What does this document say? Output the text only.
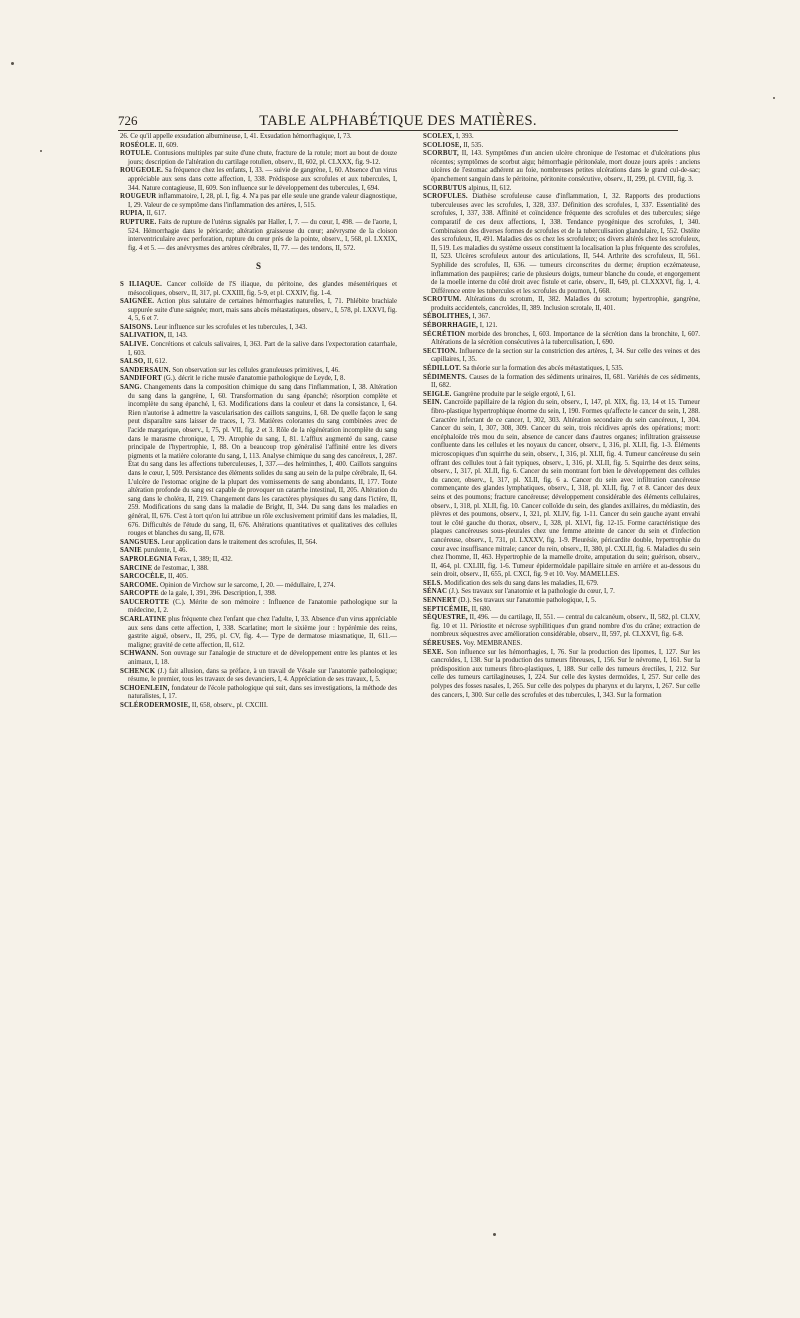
726	TABLE ALPHABÉTIQUE DES MATIÈRES.

26. Ce qu'il appelle exsudation albumineuse, I, 41. Exsudation hémorrhagique, I, 73.

ROSÉOLE. II, 609.

ROTULE. Contusions multiples par suite d'une chute, fracture de la rotule; mort au bout de douze jours; description de l'altération du cartilage rotulien, observ., II, 602, pl. CLXXX, fig. 9-12.

ROUGEOLE. Sa fréquence chez les enfants, I, 33. — suivie de gangrène, I, 60. Absence d'un virus appréciable aux sens dans cette affection, I, 338. Prédispose aux scrofules et aux tubercules, I, 344. Nature contagieuse, II, 609. Son influence sur le développement des tubercules, I, 694.

ROUGEUR inflammatoire, I, 28, pl. I, fig. 4. N'a pas par elle seule une grande valeur diagnostique, I, 29. Valeur de ce symptôme dans l'inflammation des artères, I, 515.

RUPIA, II, 617.

RUPTURE. Faits de rupture de l'utérus signalés par Haller, I, 7. — du cœur, I, 498. — de l'aorte, I, 524. Hémorrhagie dans le péricarde; altération graisseuse du cœur; anévrysme de la cloison interventriculaire avec perforation, rupture du cœur près de la pointe, observ., I, 568, pl. LXXIX, fig. 4 et 5. — des anévrysmes des artères cérébrales, II, 77. — des tendons, II, 572.

S

S ILIAQUE. Cancer colloïde de l'S iliaque, du péritoine, des glandes mésentériques et mésocoliques, observ., II, 317, pl. CXXIII, fig. 5-9, et pl. CXXIV, fig. 1-4.

SAIGNÉE. Action plus salutaire de certaines hémorrhagies naturelles, I, 71. Phlébite brachiale suppurée suite d'une saignée; mort, mais sans abcès métastatiques, observ., I, 578, pl. LXXVI, fig. 4, 5, 6 et 7.

SAISONS. Leur influence sur les scrofules et les tubercules, I, 343.

SALIVATION, II, 143.

SALIVE. Concrétions et calculs salivaires, I, 363. Part de la salive dans l'expectoration catarrhale, I, 603.

SALSO, II, 612.

SANDERSAUN. Son observation sur les cellules granuleuses primitives, I, 46.

SANDIFORT (G.). décrit le riche musée d'anatomie pathologique de Leyde, I, 8.

SANG. Changements dans la composition chimique du sang dans l'inflammation, I, 38. Altération du sang dans la gangrène, I, 60. Transformation du sang épanché; résorption complète et incomplète du sang épanché, I, 63. Modifications dans la couleur et dans la consistance, I, 64. Rien n'autorise à admettre la vascularisation des caillots sanguins, I, 68. De quelle façon le sang peut disparaître sans laisser de traces, I, 73. Matières colorantes du sang combinées avec de l'acide margarique, observ., I, 75, pl. VII, fig. 2 et 3. Rôle de la régénération incomplète du sang dans le marasme chronique, I, 79. Atrophie du sang, I, 81. L'afflux augmenté du sang, cause principale de l'hypertrophie, I, 88. On a beaucoup trop généralisé l'affinité entre les divers pigments et la matière colorante du sang, I, 113. Analyse chimique du sang des cancéreux, I, 287. État du sang dans les affections tuberculeuses, I, 337.—des helminthes, I, 400. Caillots sanguins dans le cœur, I, 509. Persistance des éléments solides du sang au sein de la pulpe cérébrale, II, 64. L'ulcère de l'estomac origine de la plupart des vomissements de sang abondants, II, 177. Toute altération profonde du sang est capable de provoquer un catarrhe intestinal, II, 205. Altération du sang dans le choléra, II, 219. Changement dans les caractères physiques du sang dans l'ictère, II, 259. Modifications du sang dans la maladie de Bright, II, 344. Du sang dans les maladies en général, II, 676. C'est à tort qu'on lui attribue un rôle exclusivement primitif dans les maladies, II, 676. Difficultés de l'étude du sang, II, 676. Altérations quantitatives et qualitatives des cellules rouges et blanches du sang, II, 678.

SANGSUES. Leur application dans le traitement des scrofules, II, 564.

SANIE purulente, I, 46.

SAPROLEGNIA Ferax, I, 389; II, 432.

SARCINE de l'estomac, I, 388.

SARCOCÈLE, II, 405.

SARCOME. Opinion de Virchow sur le sarcome, I, 20. — médullaire, I, 274.

SARCOPTE de la gale, I, 391, 396. Description, I, 398.

SAUCEROTTE (C.). Mérite de son mémoire : Influence de l'anatomie pathologique sur la médecine, I, 2.

SCARLATINE plus fréquente chez l'enfant que chez l'adulte, I, 33. Absence d'un virus appréciable aux sens dans cette affection, I, 338. Scarlatine; mort le sixième jour : hypérémie des reins, gastrite aiguë, observ., II, 295, pl. CV, fig. 4.— Type de dermatose miasmatique, II, 611.— maligne; gravité de cette affection, II, 612.

SCHWANN. Son ouvrage sur l'analogie de structure et de développement entre les plantes et les animaux, I, 18.

SCHENCK (J.) fait allusion, dans sa préface, à un travail de Vésale sur l'anatomie pathologique; résume, le premier, tous les travaux de ses devanciers, I, 4. Appréciation de ses travaux, I, 5.

SCHOENLEIN, fondateur de l'école pathologique qui suit, dans ses investigations, la méthode des naturalistes, I, 17.

SCLÉRODERMOSIE, II, 658, observ., pl. CXCIII.

SCOLEX, I, 393.

SCOLIOSE, II, 535.

SCORBUT, II, 143. Symptômes d'un ancien ulcère chronique de l'estomac et d'ulcérations plus récentes; symptômes de scorbut aigu; hémorrhagie péritonéale, mort douze jours après : anciens ulcères de l'estomac adhérent au foie, nombreuses petites ulcérations dans le grand cul-de-sac; épanchement sanguin dans le péritoine, péritonite consécutive, observ., II, 299, pl. CVIII, fig. 3.

SCORBUTUS alpinus, II, 612.

SCROFULES. Diathèse scrofuleuse cause d'inflammation, I, 32. Rapports des productions tuberculeuses avec les scrofules, I, 328, 337. Définition des scrofules, I, 337. Essentialité des scrofules, I, 337, 338. Affinité et coïncidence fréquente des scrofules et des tubercules; siége comparatif de ces deux affections, I, 338. Tendance pyogénique des scrofules, I, 340. Combinaison des diverses formes de scrofules et de la tuberculisation glandulaire, I, 552. Ostéite des scrofuleux, II, 491. Maladies des os chez les scrofuleux; os divers altérés chez les scrofuleux, II, 519. Les maladies du système osseux constituent la localisation la plus fréquente des scrofules, II, 523. Ulcères scrofuleux autour des articulations, II, 544. Arthrite des scrofuleux, II, 561. Syphilide des scrofules, II, 636. — tumeurs circonscrites du derme; éruption eczémateuse, inflammation des paupières; carie de plusieurs doigts, tumeur blanche du coude, et engorgement de la moelle interne du côté droit avec fistule et carie, observ., II, 649, pl. CLXXXVI, fig. 1, 4. Différence entre les tubercules et les scrofules du poumon, I, 668.

SCROTUM. Altérations du scrotum, II, 382. Maladies du scrotum; hypertrophie, gangrène, produits accidentels, cancroïdes, II, 389. Inclusion scrotale, II, 401.

SÉBOLITHES, I, 367.

SÉBORRHAGIE, I, 121.

SÉCRÉTION morbide des bronches, I, 603. Importance de la sécrétion dans la bronchite, I, 607. Altérations de la sécrétion consécutives à la tuberculisation, I, 690.

SECTION. Influence de la section sur la constriction des artères, I, 34. Sur celle des veines et des capillaires, I, 35.

SÉDILLOT. Sa théorie sur la formation des abcès métastatiques, I, 535.

SÉDIMENTS. Causes de la formation des sédiments urinaires, II, 681. Variétés de ces sédiments, II, 682.

SEIGLE. Gangrène produite par le seigle ergoté, I, 61.

SEIN. Cancroïde papillaire de la région du sein, observ., I, 147, pl. XIX, fig. 13, 14 et 15. Tumeur fibro-plastique hypertrophique énorme du sein, I, 190. Formes qu'affecte le cancer du sein, I, 288. Caractère infectant de ce cancer, I, 302, 303. Altération secondaire du sein cancéreux, I, 304. Cancer du sein, I, 307, 308, 309. Cancer du sein, trois récidives après des opérations; mort: encéphaloïde très mou du sein, absence de cancer dans d'autres organes; infiltration graisseuse confluente dans les cellules et les noyaux du cancer, observ., I, 316, pl. XLII, fig. 1-3. Éléments microscopiques d'un squirrhe du sein, observ., I, 316, pl. XLII, fig. 4. Tumeur cancéreuse du sein offrant des cellules tout à fait typiques, observ., I, 316, pl. XLII, fig. 5. Squirrhe des deux seins, observ., I, 317, pl. XLII, fig. 6. Cancer du sein montrant fort bien le développement des cellules du cancer, observ., I, 317, pl. XLII, fig. 6 a. Cancer du sein avec infiltration cancéreuse commençante des glandes lymphatiques, observ., I, 318, pl. XLII, fig. 7 et 8. Cancer des deux seins et des poumons; fracture cancéreuse; développement considérable des éléments cellulaires, observ., I, 318, pl. XLII, fig. 10. Cancer colloïde du sein, des glandes axillaires, du médiastin, des plèvres et des poumons, observ., I, 321, pl. XLIV, fig. 1-11. Cancer du sein gauche ayant envahi tout le côté gauche du thorax, observ., I, 328, pl. XLVI, fig. 12-15. Forme caractéristique des plaques cancéreuses sous-pleurales chez une femme atteinte de cancer du sein et d'infection cancéreuse, observ., I, 731, pl. LXXXV, fig. 1-9. Pleurésie, péricardite double, hypertrophie du cœur avec insuffisance mitrale; cancer du rein, observ., II, 380, pl. CXLII, fig. 6. Maladies du sein chez l'homme, II, 463. Hypertrophie de la mamelle droite, amputation du sein; guérison, observ., II, 464, pl. CXLIII, fig. 1-6. Tumeur épidermoïdale papillaire située en arrière et au-dessous du sein droit, observ., II, 655, pl. CXCI, fig. 9 et 10. Voy. MAMELLES.

SELS. Modification des sels du sang dans les maladies, II, 679.

SÉNAC (J.). Ses travaux sur l'anatomie et la pathologie du cœur, I, 7.

SENNERT (D.). Ses travaux sur l'anatomie pathologique, I, 5.

SEPTICÉMIE, II, 680.

SÉQUESTRE, II, 496. — du cartilage, II, 551. — central du calcanéum, observ., II, 582, pl. CLXV, fig. 10 et 11. Périostite et nécrose syphilitiques d'un grand nombre d'os du crâne; extraction de nombreux séquestres avec amélioration considérable, observ., II, 597, pl. CLXXVI, fig. 6-8.

SÉREUSES. Voy. MEMBRANES.

SEXE. Son influence sur les hémorrhagies, I, 76. Sur la production des lipomes, I, 127. Sur les cancroïdes, I, 138. Sur la production des tumeurs fibreuses, I, 156. Sur le névrome, I, 161. Sur la prédisposition aux tumeurs fibro-plastiques, I, 188. Sur celle des tumeurs érectiles, I, 212. Sur celle des tumeurs cartilagineuses, I, 224. Sur celle des kystes dermoïdes, I, 257. Sur celle des polypes des fosses nasales, I, 265. Sur celle des polypes du pharynx et du larynx, I, 267. Sur celle des cancers, I, 300. Sur celle des scrofules et des tubercules, I, 343. Sur la formation
